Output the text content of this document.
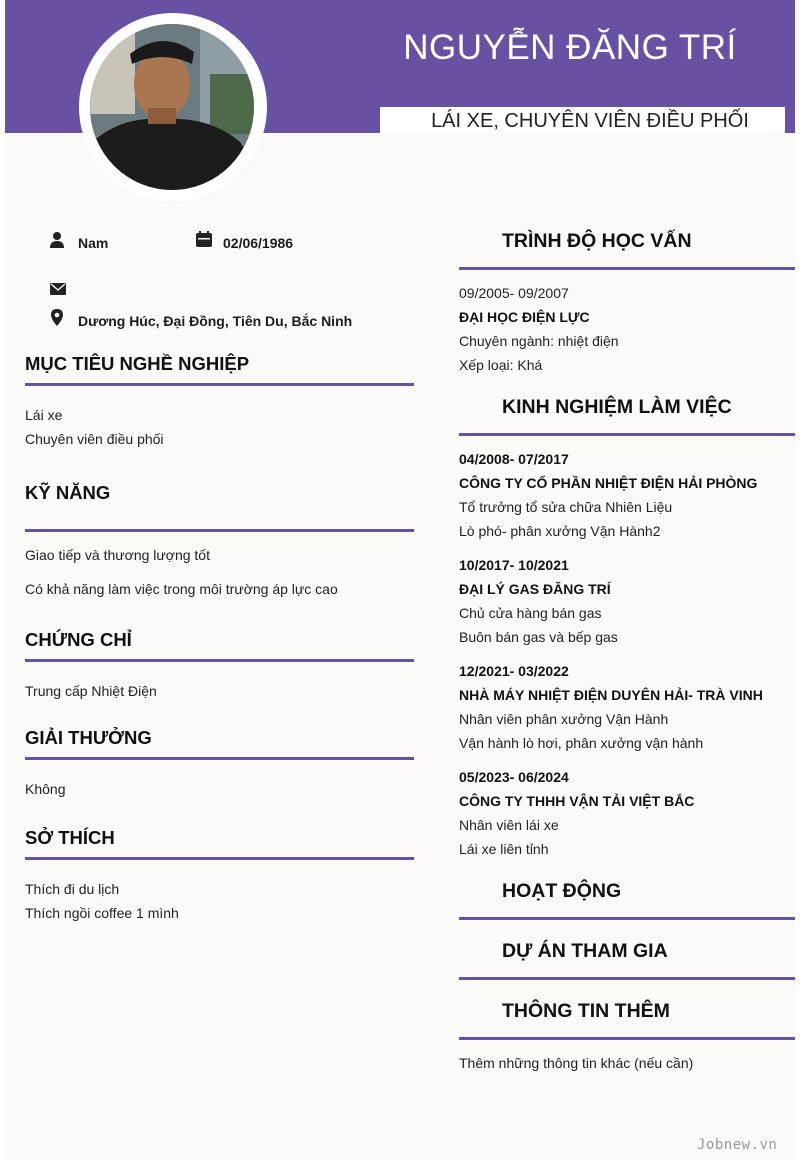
NGUYỄN ĐĂNG TRÍ
LÁI XE, CHUYÊN VIÊN ĐIỀU PHỐI
Nam	02/06/1986
Dương Húc, Đại Đồng, Tiên Du, Bắc Ninh
MỤC TIÊU NGHỀ NGHIỆP
Lái xe
Chuyên viên điều phối
KỸ NĂNG
Giao tiếp và thương lượng tốt
Có khả năng làm việc trong môi trường áp lực cao
CHỨNG CHỈ
Trung cấp Nhiệt Điện
GIẢI THƯỞNG
Không
SỞ THÍCH
Thích đi du lịch
Thích ngồi coffee 1 mình
TRÌNH ĐỘ HỌC VẤN
09/2005- 09/2007
ĐẠI HỌC ĐIỆN LỰC
Chuyên ngành: nhiệt điện
Xếp loại: Khá
KINH NGHIỆM LÀM VIỆC
04/2008- 07/2017
CÔNG TY CỔ PHẦN NHIỆT ĐIỆN HẢI PHÒNG
Tổ trưởng tổ sửa chữa Nhiên Liệu
Lò phó- phân xưởng Vận Hành2
10/2017- 10/2021
ĐẠI LÝ GAS ĐĂNG TRÍ
Chủ cửa hàng bán gas
Buôn bán gas và bếp gas
12/2021- 03/2022
NHÀ MÁY NHIỆT ĐIỆN DUYÊN HẢI- TRÀ VINH
Nhân viên phân xưởng Vận Hành
Vận hành lò hơi, phân xưởng vận hành
05/2023- 06/2024
CÔNG TY THHH VẬN TẢI VIỆT BẮC
Nhân viên lái xe
Lái xe liên tỉnh
HOẠT ĐỘNG
DỰ ÁN THAM GIA
THÔNG TIN THÊM
Thêm những thông tin khác (nếu cần)
Jobnew.vn
